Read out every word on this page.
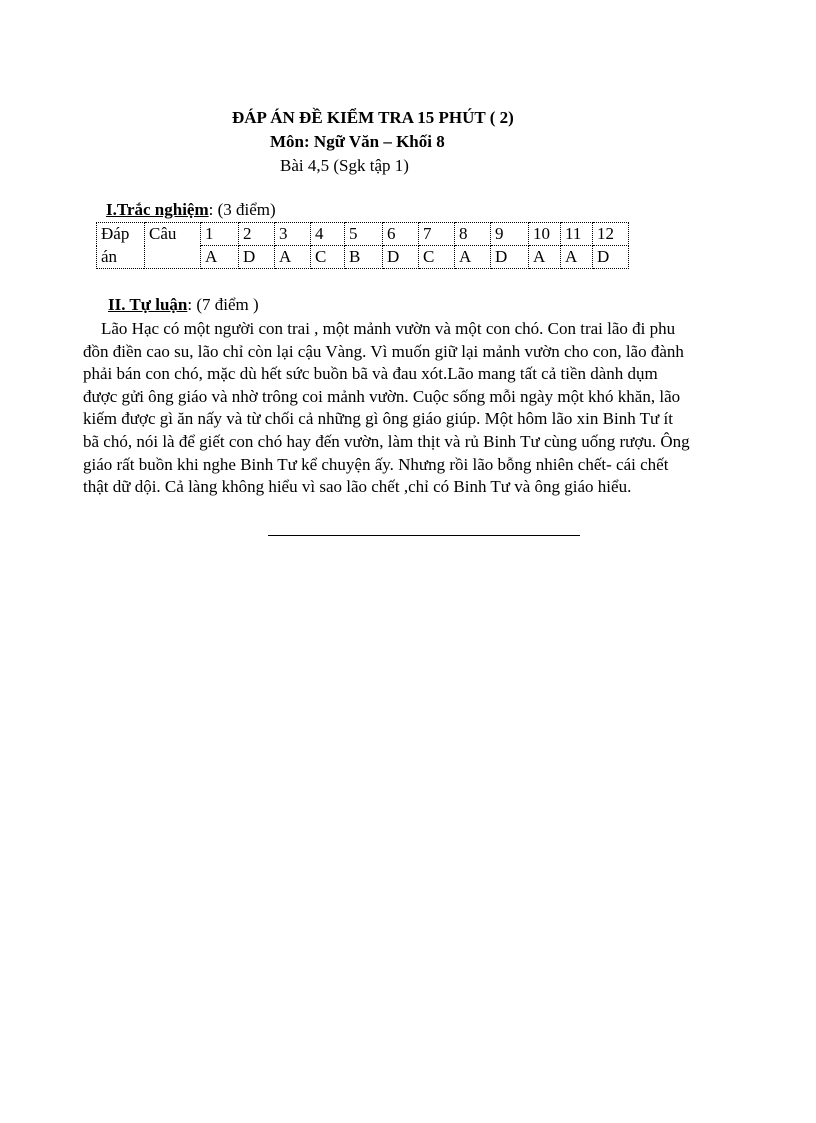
ĐÁP ÁN ĐỀ KIỂM TRA 15 PHÚT ( 2)
Môn: Ngữ Văn – Khối 8
Bài 4,5 (Sgk tập 1)
I.Trắc nghiệm: (3 điểm)
Đáp	Câu	1	2	3	4	5	6	7	8	9	10	11	12
án		A	D	A	C	B	D	C	A	D	A	A	D
II. Tự luận: (7 điểm )
Lão Hạc có một người con trai , một mảnh vườn và một con chó. Con trai lão đi phu
đồn điền cao su, lão chỉ còn lại cậu Vàng. Vì muốn giữ lại mảnh vườn cho con, lão đành
phải bán con chó, mặc dù hết sức buồn bã và đau xót.Lão mang tất cả tiền dành dụm
được gửi ông giáo và nhờ trông coi mảnh vườn. Cuộc sống mỗi ngày một khó khăn, lão
kiếm được gì ăn nấy và từ chối cả những gì ông giáo giúp. Một hôm lão xin Binh Tư ít
bã chó, nói là để giết con chó hay đến vườn, làm thịt và rủ Binh Tư cùng uống rượu. Ông
giáo rất buồn khi nghe Binh Tư kể chuyện ấy. Nhưng rồi lão bỗng nhiên chết- cái chết
thật dữ dội. Cả làng không hiểu vì sao lão chết ,chỉ có Binh Tư và ông giáo hiểu.
